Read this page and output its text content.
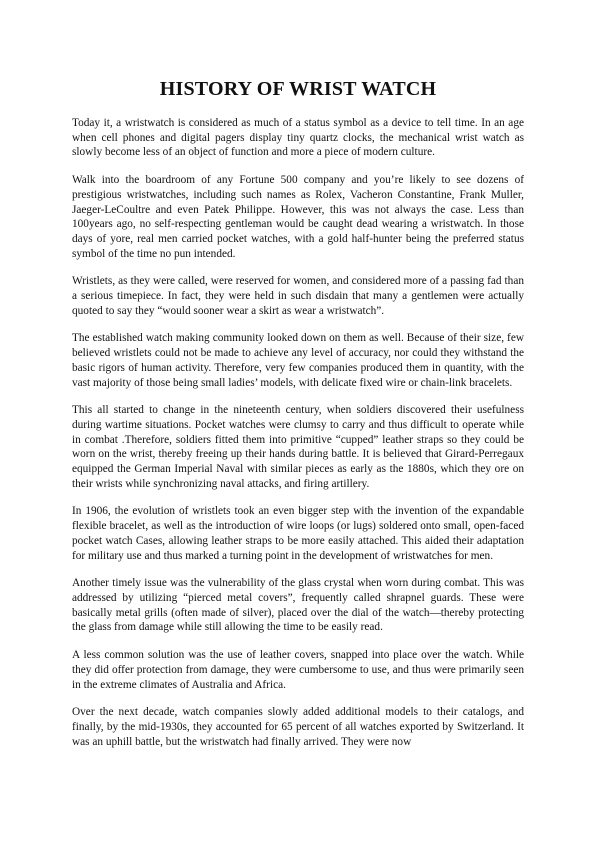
HISTORY OF WRIST WATCH

Today it, a wristwatch is considered as much of a status symbol as a device to tell time. In an age when cell phones and digital pagers display tiny quartz clocks, the mechanical wrist watch as slowly become less of an object of function and more a piece of modern culture.

Walk into the boardroom of any Fortune 500 company and you’re likely to see dozens of prestigious wristwatches, including such names as Rolex, Vacheron Constantine, Frank Muller, Jaeger-LeCoultre and even Patek Philippe. However, this was not always the case. Less than 100years ago, no self-respecting gentleman would be caught dead wearing a wristwatch. In those days of yore, real men carried pocket watches, with a gold half-hunter being the preferred status symbol of the time no pun intended.

Wristlets, as they were called, were reserved for women, and considered more of a passing fad than a serious timepiece. In fact, they were held in such disdain that many a gentlemen were actually quoted to say they “would sooner wear a skirt as wear a wristwatch”.

The established watch making community looked down on them as well. Because of their size, few believed wristlets could not be made to achieve any level of accuracy, nor could they withstand the basic rigors of human activity. Therefore, very few companies produced them in quantity, with the vast majority of those being small ladies’ models, with delicate fixed wire or chain-link bracelets.

This all started to change in the nineteenth century, when soldiers discovered their usefulness during wartime situations. Pocket watches were clumsy to carry and thus difficult to operate while in combat .Therefore, soldiers fitted them into primitive “cupped” leather straps so they could be worn on the wrist, thereby freeing up their hands during battle. It is believed that Girard-Perregaux equipped the German Imperial Naval with similar pieces as early as the 1880s, which they ore on their wrists while synchronizing naval attacks, and firing artillery.

In 1906, the evolution of wristlets took an even bigger step with the invention of the expandable flexible bracelet, as well as the introduction of wire loops (or lugs) soldered onto small, open-faced pocket watch Cases, allowing leather straps to be more easily attached. This aided their adaptation for military use and thus marked a turning point in the development of wristwatches for men.

Another timely issue was the vulnerability of the glass crystal when worn during combat. This was addressed by utilizing “pierced metal covers”, frequently called shrapnel guards. These were basically metal grills (often made of silver), placed over the dial of the watch—thereby protecting the glass from damage while still allowing the time to be easily read.

A less common solution was the use of leather covers, snapped into place over the watch. While they did offer protection from damage, they were cumbersome to use, and thus were primarily seen in the extreme climates of Australia and Africa.

Over the next decade, watch companies slowly added additional models to their catalogs, and finally, by the mid-1930s, they accounted for 65 percent of all watches exported by Switzerland. It was an uphill battle, but the wristwatch had finally arrived. They were now
